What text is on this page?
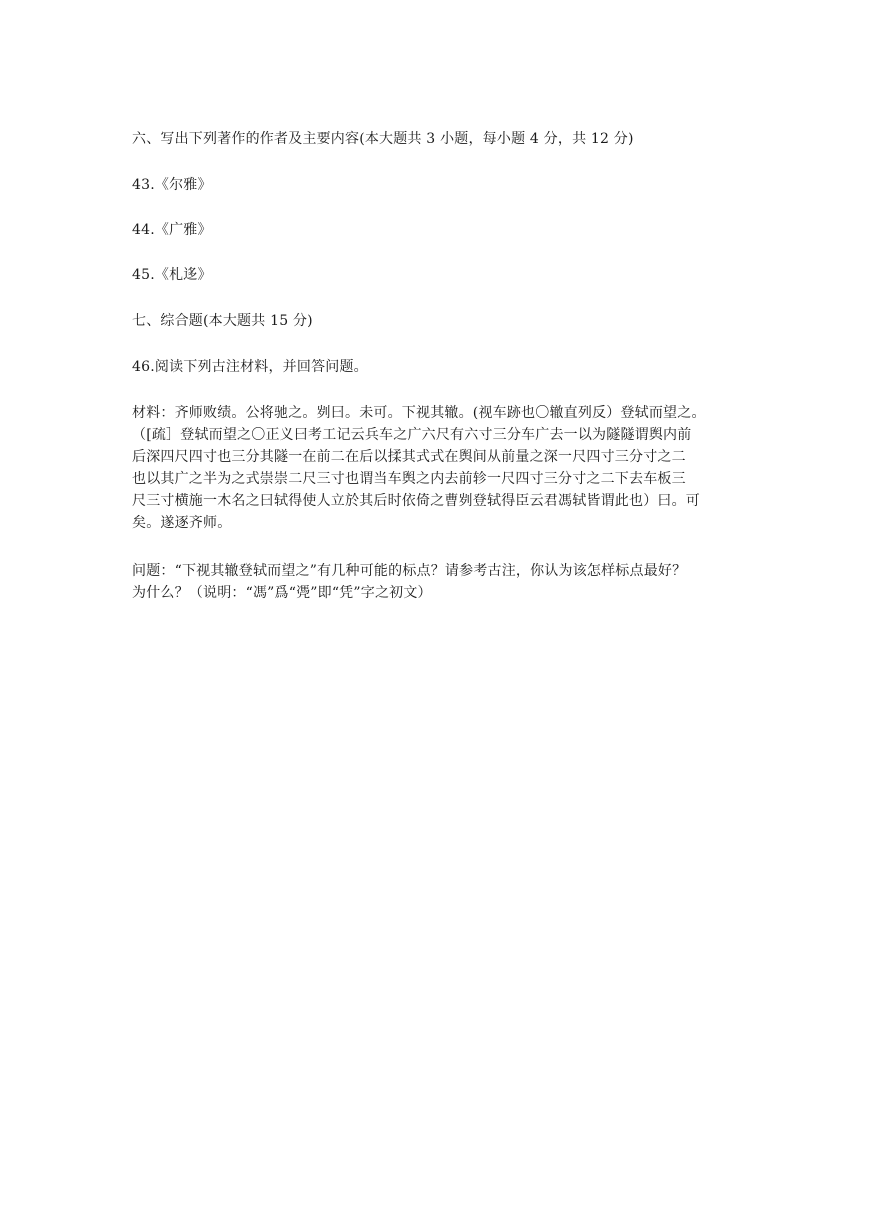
六、写出下列著作的作者及主要内容(本大题共 3 小题，每小题 4 分，共 12 分)
43.《尔雅》
44.《广雅》
45.《札迻》
七、综合题(本大题共 15 分)
46.阅读下列古注材料，并回答问题。
材料：齐师败绩。公将驰之。刿曰。未可。下视其辙。(视车跡也〇辙直列反）登轼而望之。
（[疏］登轼而望之〇正义曰考工记云兵车之广六尺有六寸三分车广去一以为隧隧谓舆内前
后深四尺四寸也三分其隧一在前二在后以揉其式式在舆间从前量之深一尺四寸三分寸之二
也以其广之半为之式崇崇二尺三寸也谓当车舆之内去前轸一尺四寸三分寸之二下去车板三
尺三寸横施一木名之曰轼得使人立於其后时依倚之曹刿登轼得臣云君馮轼皆谓此也）曰。可
矣。遂逐齐师。
问题：“下视其辙登轼而望之”有几种可能的标点？请参考古注，你认为该怎样标点最好？
为什么？（说明：“馮”爲“凴”即“凭”字之初文）
